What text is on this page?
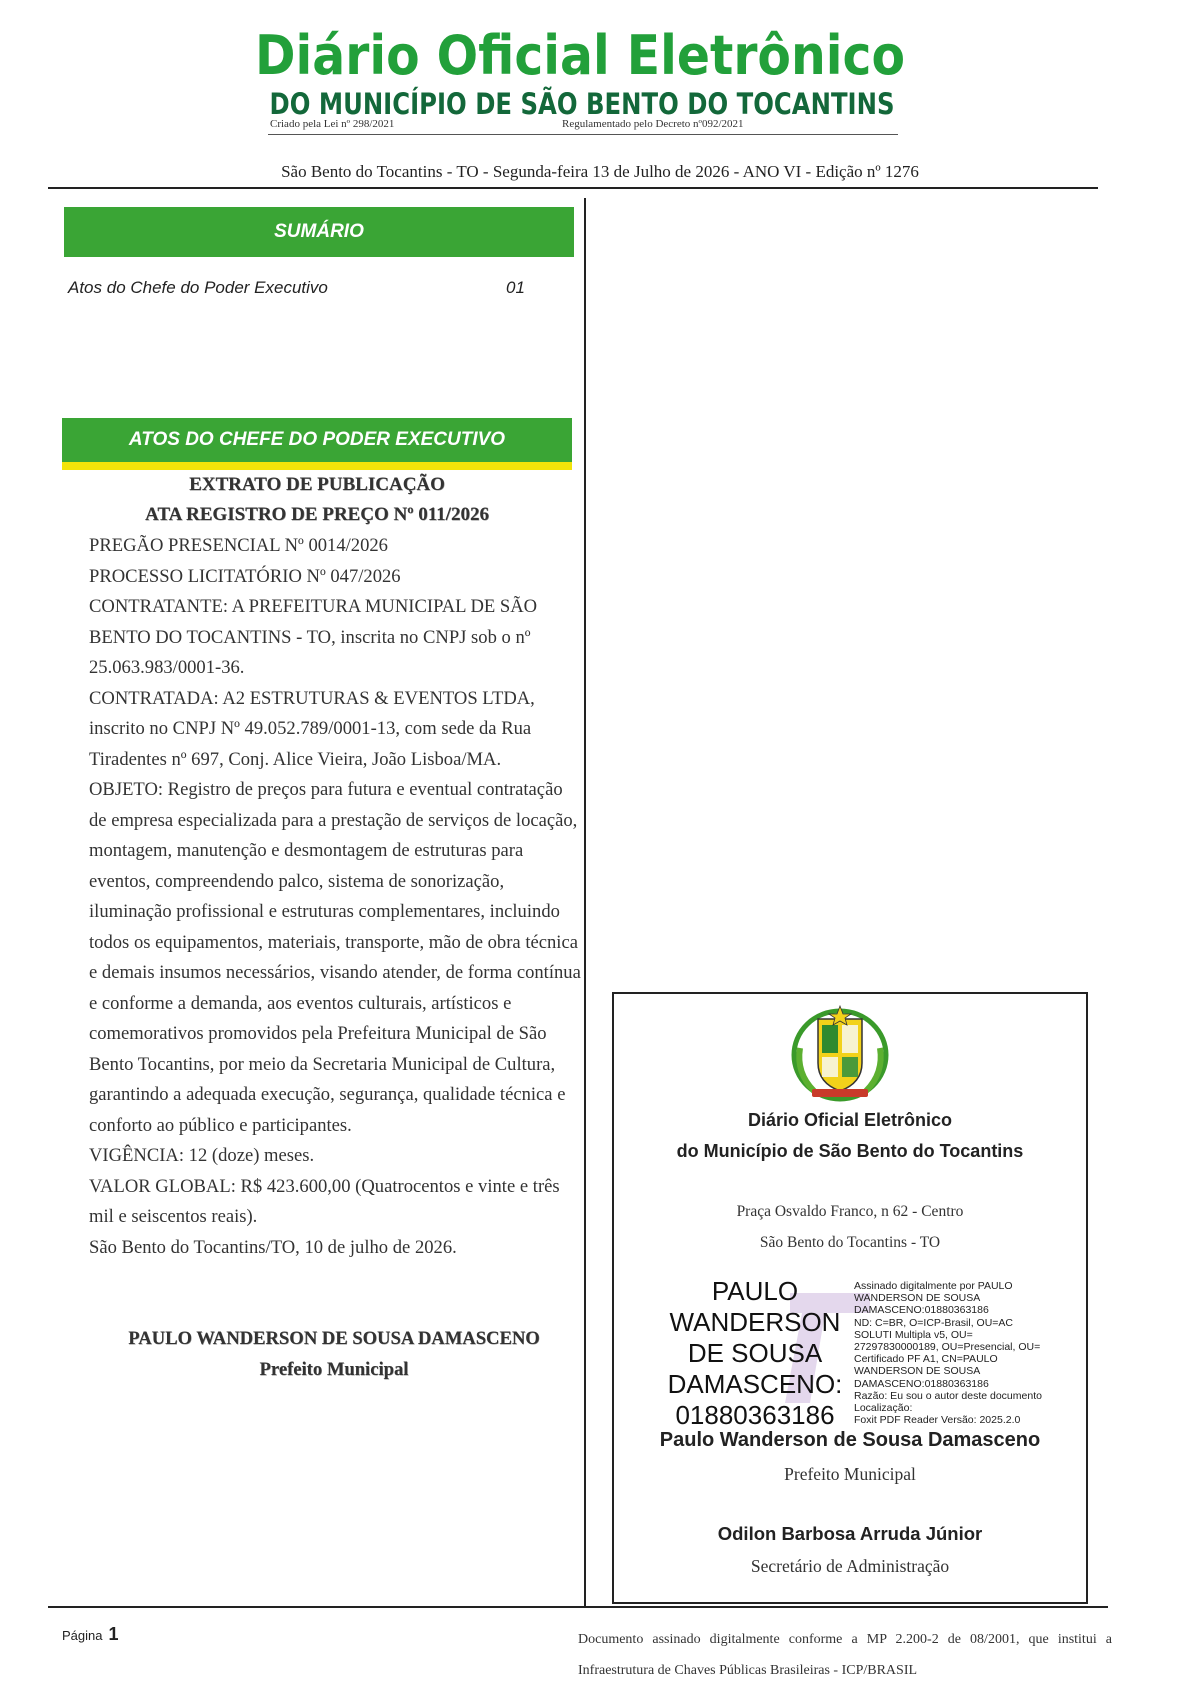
Diário Oficial Eletrônico
DO MUNICÍPIO DE SÃO BENTO DO TOCANTINS
Criado pela Lei nº 298/2021	Regulamentado pelo Decreto nº092/2021
São Bento do Tocantins - TO - Segunda-feira 13 de Julho de 2026 - ANO VI - Edição nº 1276
SUMÁRIO
Atos do Chefe do Poder Executivo	01
ATOS DO CHEFE DO PODER EXECUTIVO
EXTRATO DE PUBLICAÇÃO
ATA REGISTRO DE PREÇO Nº 011/2026

PREGÃO PRESENCIAL Nº 0014/2026

PROCESSO LICITATÓRIO Nº 047/2026

CONTRATANTE: A PREFEITURA MUNICIPAL DE SÃO BENTO DO TOCANTINS - TO, inscrita no CNPJ sob o nº 25.063.983/0001-36.

CONTRATADA: A2 ESTRUTURAS & EVENTOS LTDA, inscrito no CNPJ Nº 49.052.789/0001-13, com sede da Rua Tiradentes nº 697, Conj. Alice Vieira, João Lisboa/MA.

OBJETO: Registro de preços para futura e eventual contratação de empresa especializada para a prestação de serviços de locação, montagem, manutenção e desmontagem de estruturas para eventos, compreendendo palco, sistema de sonorização, iluminação profissional e estruturas complementares, incluindo todos os equipamentos, materiais, transporte, mão de obra técnica e demais insumos necessários, visando atender, de forma contínua e conforme a demanda, aos eventos culturais, artísticos e comemorativos promovidos pela Prefeitura Municipal de São Bento Tocantins, por meio da Secretaria Municipal de Cultura, garantindo a adequada execução, segurança, qualidade técnica e conforto ao público e participantes.

VIGÊNCIA: 12 (doze) meses.

VALOR GLOBAL: R$ 423.600,00 (Quatrocentos e vinte e três mil e seiscentos reais).

São Bento do Tocantins/TO, 10 de julho de 2026.

PAULO WANDERSON DE SOUSA DAMASCENO
Prefeito Municipal
Diário Oficial Eletrônico
do Município de São Bento do Tocantins
Praça Osvaldo Franco, n 62 - Centro
São Bento do Tocantins - TO
PAULO
WANDERSON
DE SOUSA
DAMASCENO:
01880363186
Assinado digitalmente por PAULO
WANDERSON DE SOUSA
DAMASCENO:01880363186
ND: C=BR, O=ICP-Brasil, OU=AC
SOLUTI Multipla v5, OU=
27297830000189, OU=Presencial, OU=
Certificado PF A1, CN=PAULO
WANDERSON DE SOUSA
DAMASCENO:01880363186
Razão: Eu sou o autor deste documento
Localização:
Foxit PDF Reader Versão: 2025.2.0
Paulo Wanderson de Sousa Damasceno
Prefeito Municipal
Odilon Barbosa Arruda Júnior
Secretário de Administração
Página 1	Documento assinado digitalmente conforme a MP 2.200-2 de 08/2001, que institui a Infraestrutura de Chaves Públicas Brasileiras - ICP/BRASIL
